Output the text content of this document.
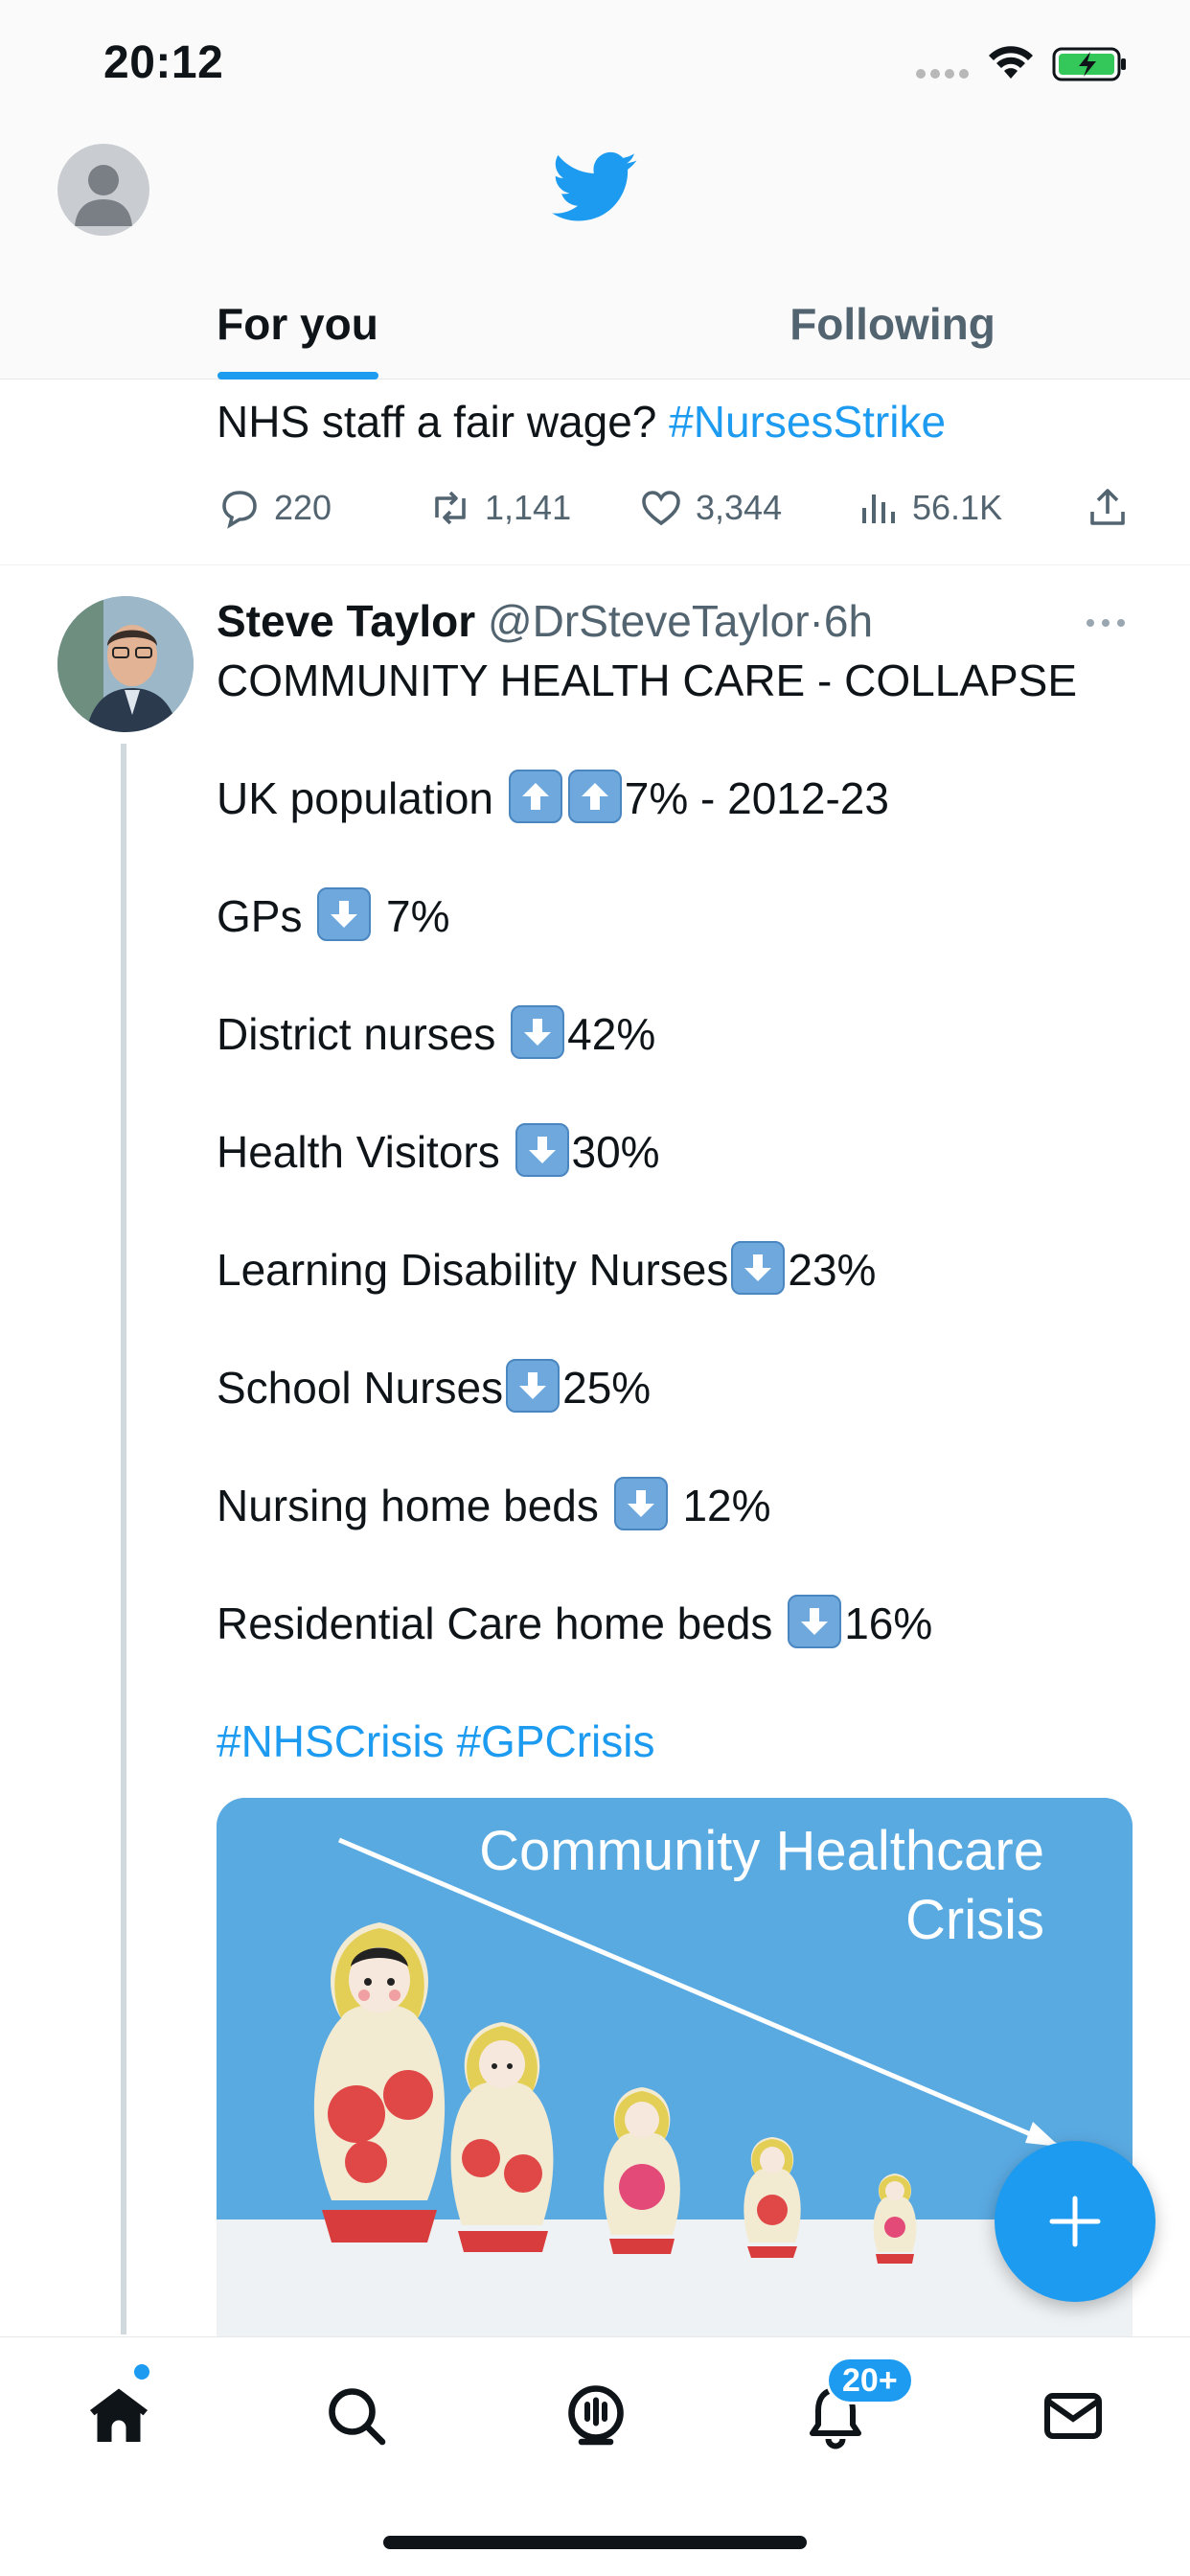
20:12
For you	Following
NHS staff a fair wage? #NursesStrike
220	1,141	3,344	56.1K
Steve Taylor @DrSteveTaylor·6h

COMMUNITY HEALTH CARE - COLLAPSE

UK population	7% - 2012-23

GPs 7%

District nurses 42%

Health Visitors 30%

Learning Disability Nurses 23%

School Nurses 25%

Nursing home beds 12%

Residential Care home beds 16%

#NHSCrisis #GPCrisis

Community Healthcare
Crisis
20+
